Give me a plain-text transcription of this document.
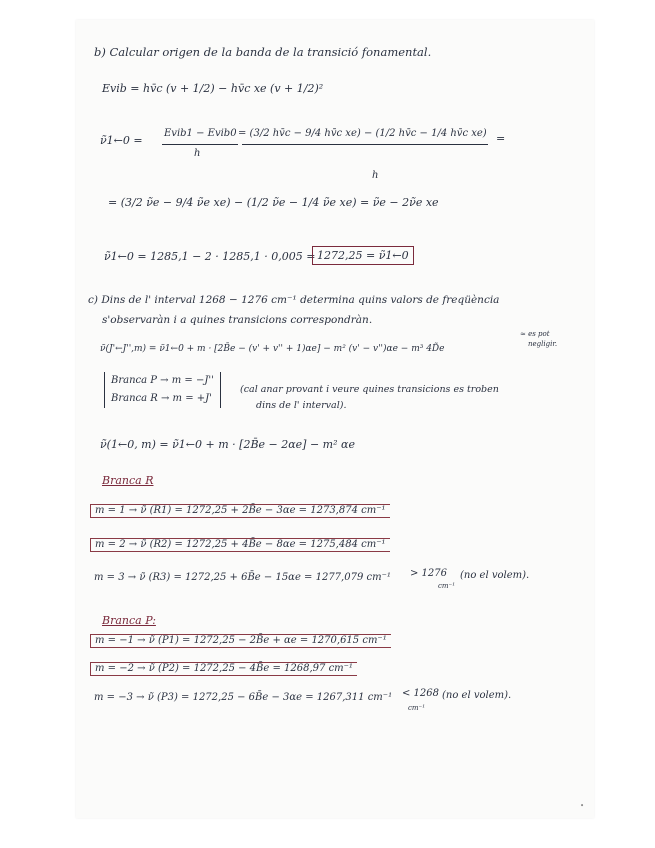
b) Calcular origen de la banda de la transició fonamental.
Evib = hv̄c (v + 1/2) − hv̄c xe (v + 1/2)²
ν̃1←0 =
Evib1 − Evib0
h
= (3/2 hv̄c − 9/4 hv̄c xe) − (1/2 hv̄c − 1/4 hv̄c xe)
h
=
= (3/2 ν̃e − 9/4 ν̃e xe) − (1/2 ν̃e − 1/4 ν̃e xe) = ν̃e − 2ν̃e xe
ν̃1←0 = 1285,1 − 2 · 1285,1 · 0,005 = 1272,25 = ν̃1←0
c) Dins de l' interval 1268 − 1276 cm⁻¹ determina quins valors de freqüència
s'observaràn i a quines transicions correspondràn.
ν̃(J'←J'',m) = ν̃1←0 + m · [2B̄e − (v' + v'' + 1)αe] − m² (v' − v'')αe − m³ 4D̃e
≈ es pot
negligir.
Branca P → m = −J''
Branca R → m = +J'
(cal anar provant i veure quines transicions es troben
dins de l' interval).
ν̃(1←0, m) = ν̃1←0 + m · [2B̄e − 2αe] − m² αe
Branca R
m = 1 → ν̃ (R1) = 1272,25 + 2B̄e − 3αe = 1273,874 cm⁻¹
m = 2 → ν̃ (R2) = 1272,25 + 4B̄e − 8αe = 1275,484 cm⁻¹
m = 3 → ν̃ (R3) = 1272,25 + 6B̄e − 15αe = 1277,079 cm⁻¹ > 1276
cm⁻¹
(no el volem).
Branca P:
m = −1 → ν̃ (P1) = 1272,25 − 2B̄e + αe = 1270,615 cm⁻¹
m = −2 → ν̃ (P2) = 1272,25 − 4B̄e = 1268,97 cm⁻¹
m = −3 → ν̃ (P3) = 1272,25 − 6B̄e − 3αe = 1267,311 cm⁻¹ < 1268
cm⁻¹
(no el volem).
•
